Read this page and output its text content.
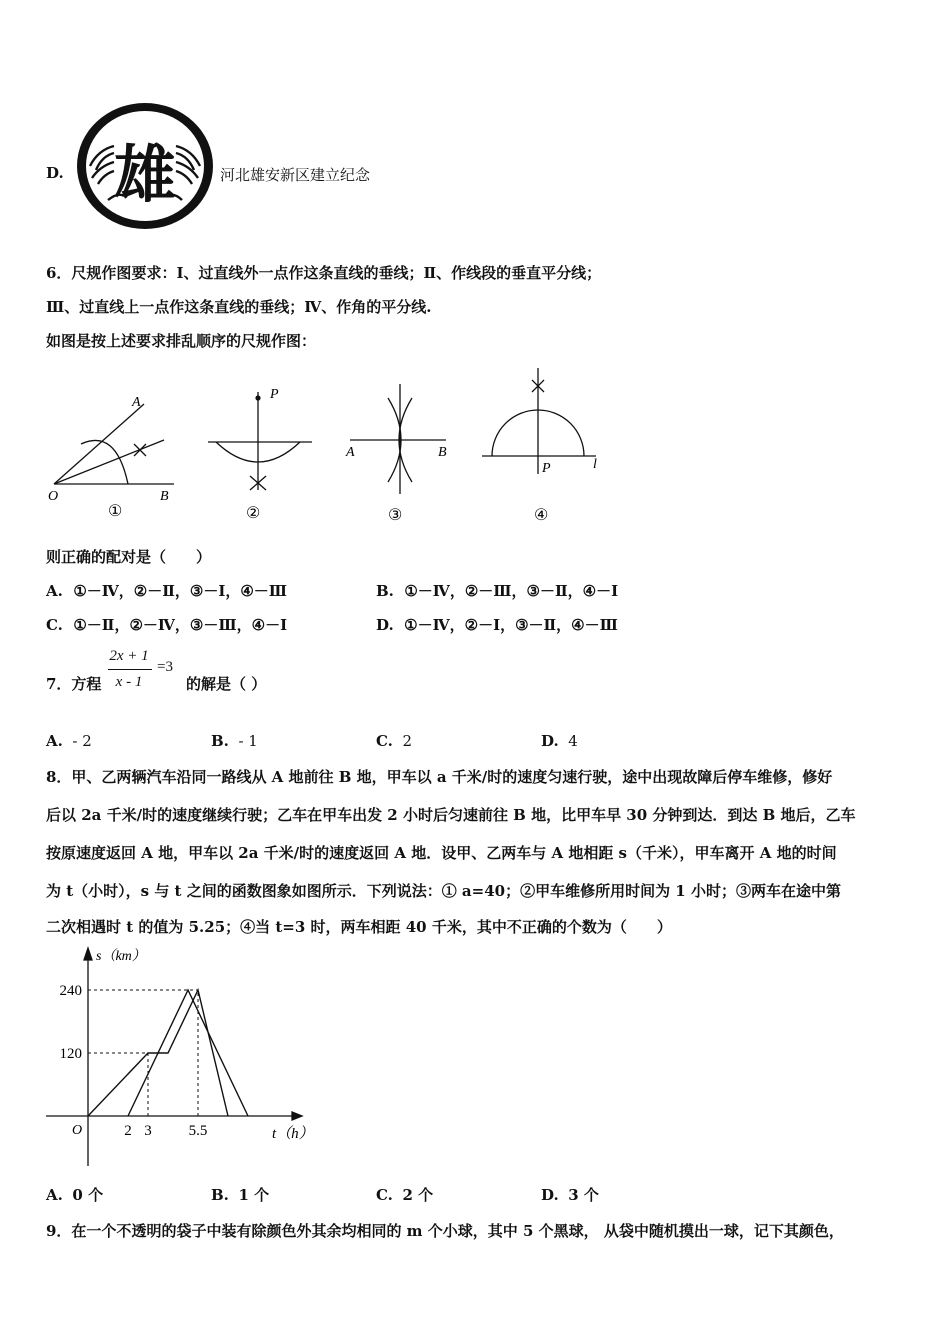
D. 雄	河北雄安新区建立纪念
6．尺规作图要求：Ⅰ、过直线外一点作这条直线的垂线；Ⅱ、作线段的垂直平分线；
Ⅲ、过直线上一点作这条直线的垂线；Ⅳ、作角的平分线.
如图是按上述要求排乱顺序的尺规作图：
A
O	B
①
P
②
A	B
③
P	l
④
则正确的配对是（　　）
A. ①－Ⅳ，②－Ⅱ，③－Ⅰ，④－Ⅲ	B. ①－Ⅳ，②－Ⅲ，③－Ⅱ，④－Ⅰ
C. ①－Ⅱ，②－Ⅳ，③－Ⅲ，④－Ⅰ	D. ①－Ⅳ，②－Ⅰ，③－Ⅱ，④－Ⅲ
7．方程
2x + 1
x - 1
=3
的解是（ ）
A. - 2	B. - 1	C. 2	D. 4
8．甲、乙两辆汽车沿同一路线从 A 地前往 B 地，甲车以 a 千米/时的速度匀速行驶，途中出现故障后停车维修，修好
后以 2a 千米/时的速度继续行驶；乙车在甲车出发 2 小时后匀速前往 B 地，比甲车早 30 分钟到达．到达 B 地后，乙车
按原速度返回 A 地，甲车以 2a 千米/时的速度返回 A 地．设甲、乙两车与 A 地相距 s（千米），甲车离开 A 地的时间
为 t（小时），s 与 t 之间的函数图象如图所示．下列说法：① a=40；②甲车维修所用时间为 1 小时；③两车在途中第
二次相遇时 t 的值为 5.25；④当 t=3 时，两车相距 40 千米，其中不正确的个数为（　　）
s（km）
t（h）
O	2 3 5.5
120
240
A. 0 个	B. 1 个	C. 2 个	D. 3 个
9．在一个不透明的袋子中装有除颜色外其余均相同的 m 个小球，其中 5 个黑球， 从袋中随机摸出一球，记下其颜色，
